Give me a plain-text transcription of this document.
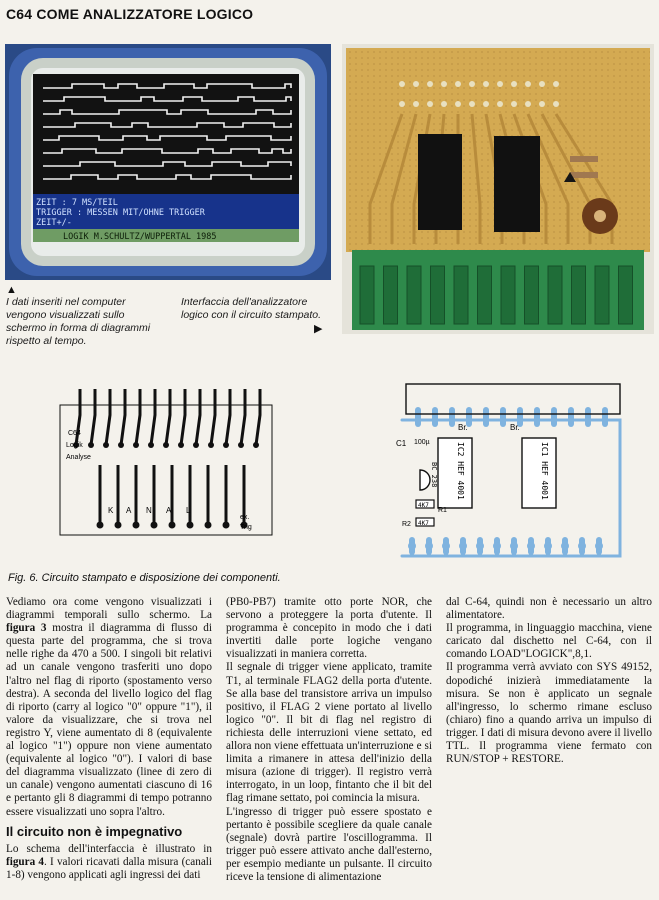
C64 COME ANALIZZATORE LOGICO
ZEIT : 7 MS/TEIL
TRIGGER : MESSEN MIT/OHNE TRIGGER
ZEIT+/-
LOGIK M.SCHULTZ/WUPPERTAL 1985
▲
I dati inseriti nel computer vengono visualizzati sullo schermo in forma di diagrammi rispetto al tempo.
Interfaccia dell'analizzatore logico con il circuito stampato.
▶
C64
Logik
Analyse
K A N A L
ex.
Trig
IC2 HEF 4001	IC1 HEF 4001
BC 238
Br.	Br.
C1 100µ
4K7
4K7
R1
R2
Fig. 6. Circuito stampato e disposizione dei componenti.

Vediamo ora come vengono visualizzati i diagrammi temporali sullo schermo. La figura 3 mostra il diagramma di flusso di questa parte del programma, che si trova nelle righe da 470 a 500. I singoli bit relativi ad un canale vengono trasferiti uno dopo l'altro nel flag di riporto (spostamento verso destra). A seconda del livello logico del flag di riporto (carry al logico "0" oppure "1"), il valore da visualizzare, che si trova nel registro Y, viene aumentato di 8 (equivalente al logico "1") oppure non viene aumentato (equivalente al logico "0"). I valori di base del diagramma visualizzato (linee di zero di un canale) vengono aumentati ciascuno di 16 e pertanto gli 8 diagrammi di tempo potranno essere visualizzati uno sopra l'altro.

Il circuito non è impegnativo

Lo schema dell'interfaccia è illustrato in figura 4. I valori ricavati dalla misura (canali 1-8) vengono applicati agli ingressi dei dati

(PB0-PB7) tramite otto porte NOR, che servono a proteggere la porta d'utente. Il programma è concepito in modo che i dati invertiti dalle porte logiche vengano visualizzati in maniera corretta.

Il segnale di trigger viene applicato, tramite T1, al terminale FLAG2 della porta d'utente. Se alla base del transistore arriva un impulso positivo, il FLAG 2 viene portato al livello logico "0". Il bit di flag nel registro di richiesta delle interruzioni viene settato, ed allora non viene effettuata un'interruzione e si limita a rimanere in attesa dell'inizio della misura (azione di trigger). Il registro verrà interrogato, in un loop, fintanto che il bit del flag rimane settato, poi comincia la misura.

L'ingresso di trigger può essere spostato e pertanto è possibile scegliere da quale canale (segnale) dovrà partire l'oscillogramma. Il trigger può essere attivato anche dall'esterno, per esempio mediante un pulsante. Il circuito riceve la tensione di alimentazione

dal C-64, quindi non è necessario un altro alimentatore.

Il programma, in linguaggio macchina, viene caricato dal dischetto nel C-64, con il comando LOAD"LOGICK",8,1.

Il programma verrà avviato con SYS 49152, dopodiché inizierà immediatamente la misura. Se non è applicato un segnale all'ingresso, lo schermo rimane escluso (chiaro) fino a quando arriva un impulso di trigger. I dati di misura devono avere il livello TTL. Il programma viene fermato con RUN/STOP + RESTORE.
